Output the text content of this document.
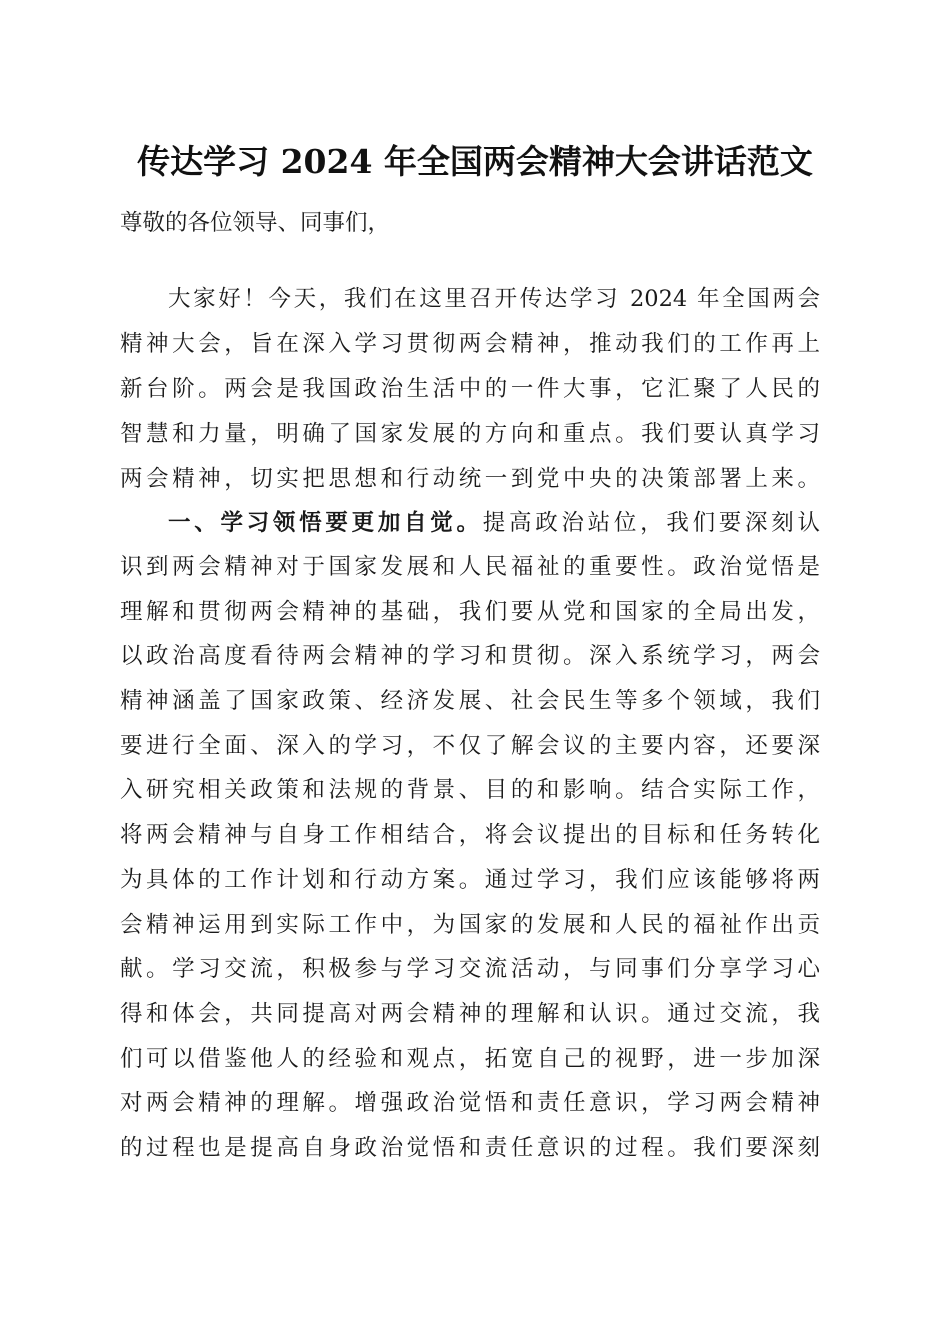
传达学习 2024 年全国两会精神大会讲话范文
尊敬的各位领导、同事们，
大家好！今天，我们在这里召开传达学习 2024 年全国两会
精神大会，旨在深入学习贯彻两会精神，推动我们的工作再上
新台阶。两会是我国政治生活中的一件大事，它汇聚了人民的
智慧和力量，明确了国家发展的方向和重点。我们要认真学习
两会精神，切实把思想和行动统一到党中央的决策部署上来。
一、学习领悟要更加自觉。提高政治站位，我们要深刻认
识到两会精神对于国家发展和人民福祉的重要性。政治觉悟是
理解和贯彻两会精神的基础，我们要从党和国家的全局出发，
以政治高度看待两会精神的学习和贯彻。深入系统学习，两会
精神涵盖了国家政策、经济发展、社会民生等多个领域，我们
要进行全面、深入的学习，不仅了解会议的主要内容，还要深
入研究相关政策和法规的背景、目的和影响。结合实际工作，
将两会精神与自身工作相结合，将会议提出的目标和任务转化
为具体的工作计划和行动方案。通过学习，我们应该能够将两
会精神运用到实际工作中，为国家的发展和人民的福祉作出贡
献。学习交流，积极参与学习交流活动，与同事们分享学习心
得和体会，共同提高对两会精神的理解和认识。通过交流，我
们可以借鉴他人的经验和观点，拓宽自己的视野，进一步加深
对两会精神的理解。增强政治觉悟和责任意识，学习两会精神
的过程也是提高自身政治觉悟和责任意识的过程。我们要深刻
